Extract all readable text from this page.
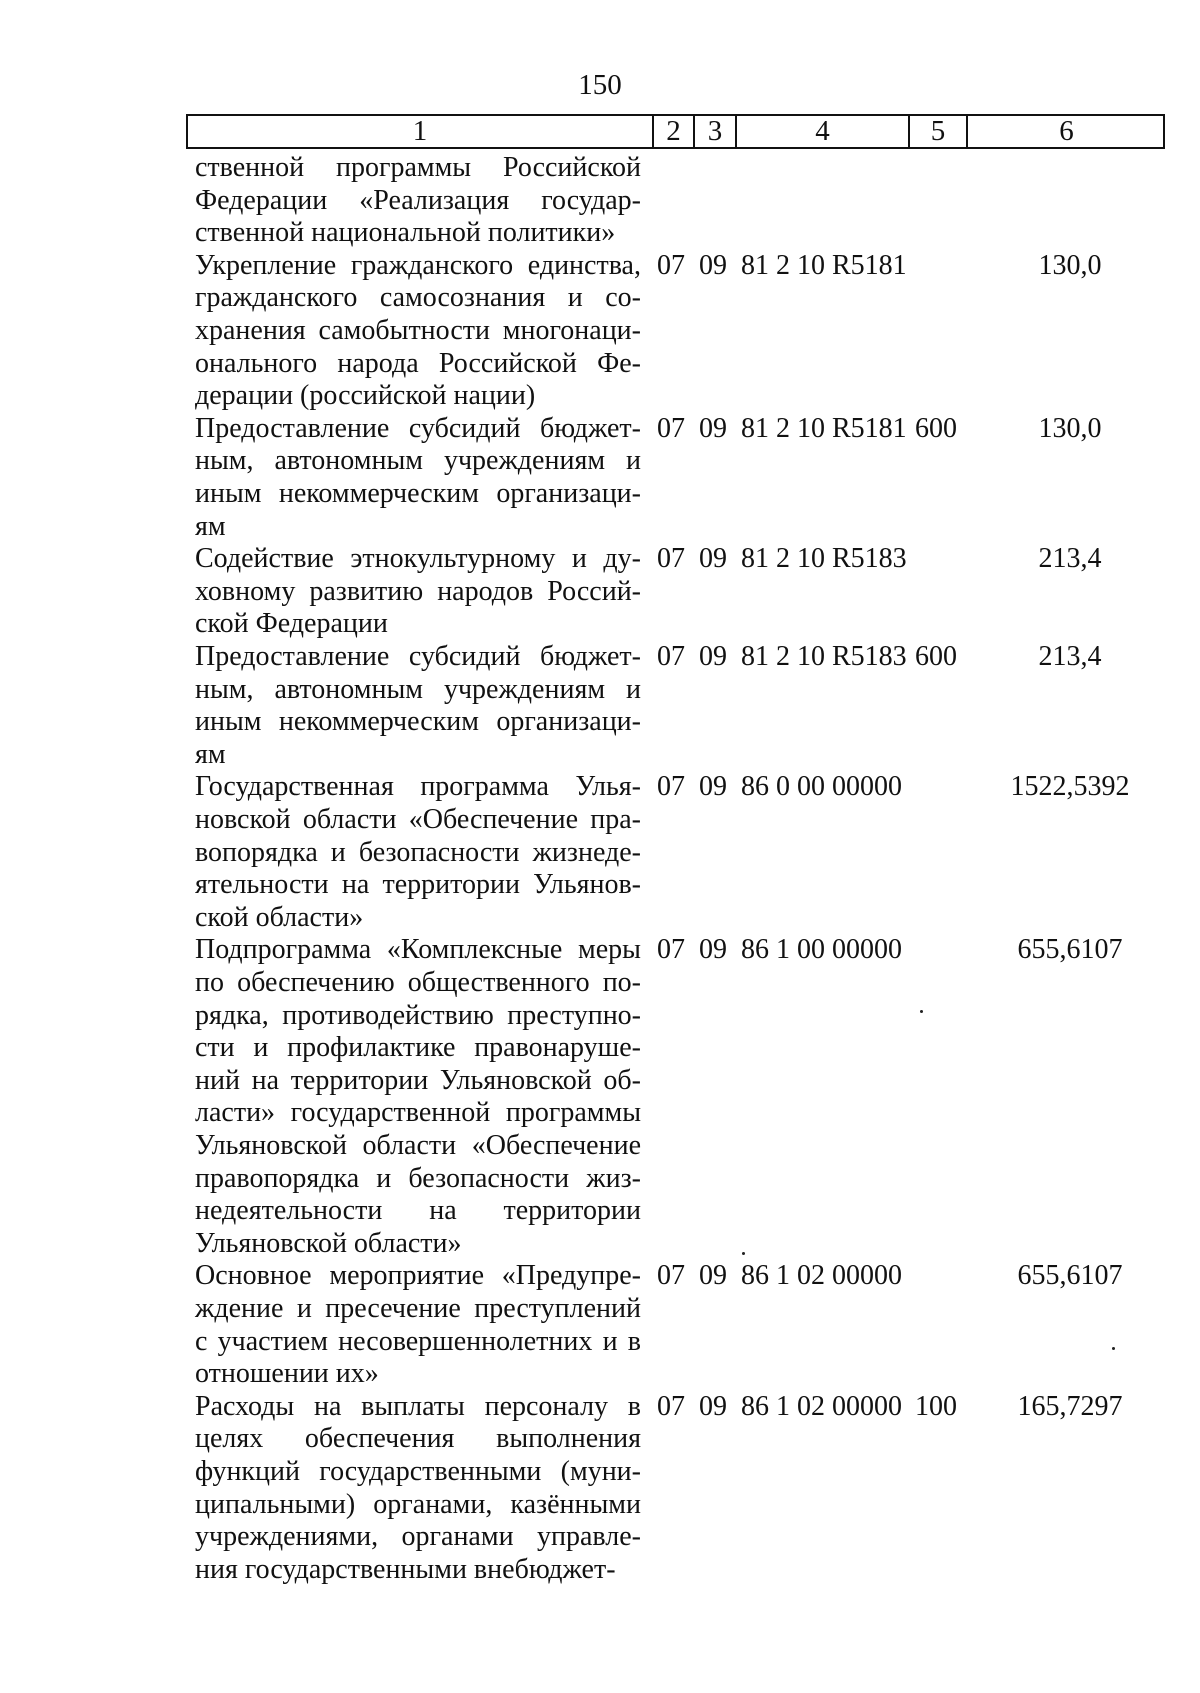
150
1	2 3	4	5	6
ственной программы Российской
Федерации «Реализация государ-
ственной национальной политики»
Укрепление гражданского единства,
гражданского самосознания и со-
хранения самобытности многонаци-
онального народа Российской Фе-
дерации (российской нации)
07 09 81 2 10 R5181	130,0
Предоставление субсидий бюджет-
ным, автономным учреждениям и
иным некоммерческим организаци-
ям
07 09 81 2 10 R5181 600	130,0
Содействие этнокультурному и ду-
ховному развитию народов Россий-
ской Федерации
07 09 81 2 10 R5183	213,4
Предоставление субсидий бюджет-
ным, автономным учреждениям и
иным некоммерческим организаци-
ям
07 09 81 2 10 R5183 600	213,4
Государственная программа Улья-
новской области «Обеспечение пра-
вопорядка и безопасности жизнеде-
ятельности на территории Ульянов-
ской области»
07 09 86 0 00 00000	1522,5392
Подпрограмма «Комплексные меры
по обеспечению общественного по-
рядка, противодействию преступно-
сти и профилактике правонаруше-
ний на территории Ульяновской об-
ласти» государственной программы
Ульяновской области «Обеспечение
правопорядка и безопасности жиз-
недеятельности на территории
Ульяновской области»
07 09 86 1 00 00000	655,6107
Основное мероприятие «Предупре-
ждение и пресечение преступлений
с участием несовершеннолетних и в
отношении их»
07 09 86 1 02 00000	655,6107
Расходы на выплаты персоналу в
целях обеспечения выполнения
функций государственными (муни-
ципальными) органами, казёнными
учреждениями, органами управле-
ния государственными внебюджет-
07 09 86 1 02 00000 100	165,7297
